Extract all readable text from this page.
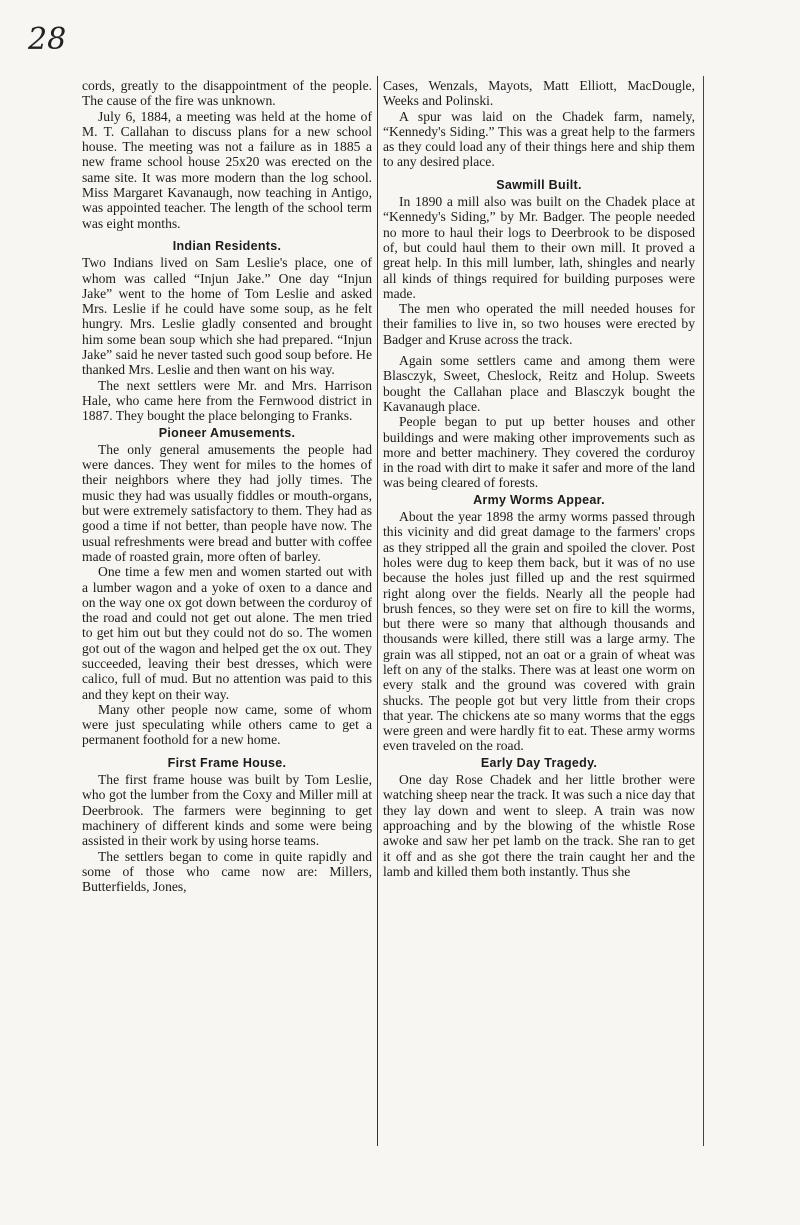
28

cords, greatly to the disappointment of the people. The cause of the fire was unknown.

July 6, 1884, a meeting was held at the home of M. T. Callahan to discuss plans for a new school house. The meeting was not a failure as in 1885 a new frame school house 25x20 was erected on the same site. It was more modern than the log school. Miss Margaret Kavanaugh, now teaching in Antigo, was appointed teacher. The length of the school term was eight months.

Indian Residents.

Two Indians lived on Sam Leslie's place, one of whom was called “Injun Jake.” One day “Injun Jake” went to the home of Tom Leslie and asked Mrs. Leslie if he could have some soup, as he felt hungry. Mrs. Leslie gladly consented and brought him some bean soup which she had prepared. “Injun Jake” said he never tasted such good soup before. He thanked Mrs. Leslie and then want on his way.

The next settlers were Mr. and Mrs. Harrison Hale, who came here from the Fernwood district in 1887. They bought the place belonging to Franks.

Pioneer Amusements.

The only general amusements the people had were dances. They went for miles to the homes of their neighbors where they had jolly times. The music they had was usually fiddles or mouth-organs, but were extremely satisfactory to them. They had as good a time if not better, than people have now. The usual refreshments were bread and butter with coffee made of roasted grain, more often of barley.

One time a few men and women started out with a lumber wagon and a yoke of oxen to a dance and on the way one ox got down between the corduroy of the road and could not get out alone. The men tried to get him out but they could not do so. The women got out of the wagon and helped get the ox out. They succeeded, leaving their best dresses, which were calico, full of mud. But no attention was paid to this and they kept on their way.

Many other people now came, some of whom were just speculating while others came to get a permanent foothold for a new home.

First Frame House.

The first frame house was built by Tom Leslie, who got the lumber from the Coxy and Miller mill at Deerbrook. The farmers were beginning to get machinery of different kinds and some were being assisted in their work by using horse teams.

The settlers began to come in quite rapidly and some of those who came now are: Millers, Butterfields, Jones,

Cases, Wenzals, Mayots, Matt Elliott, MacDougle, Weeks and Polinski.

A spur was laid on the Chadek farm, namely, “Kennedy's Siding.” This was a great help to the farmers as they could load any of their things here and ship them to any desired place.

Sawmill Built.

In 1890 a mill also was built on the Chadek place at “Kennedy's Siding,” by Mr. Badger. The people needed no more to haul their logs to Deerbrook to be disposed of, but could haul them to their own mill. It proved a great help. In this mill lumber, lath, shingles and nearly all kinds of things required for building purposes were made.

The men who operated the mill needed houses for their families to live in, so two houses were erected by Badger and Kruse across the track.

Again some settlers came and among them were Blasczyk, Sweet, Cheslock, Reitz and Holup. Sweets bought the Callahan place and Blasczyk bought the Kavanaugh place.

People began to put up better houses and other buildings and were making other improvements such as more and better machinery. They covered the corduroy in the road with dirt to make it safer and more of the land was being cleared of forests.

Army Worms Appear.

About the year 1898 the army worms passed through this vicinity and did great damage to the farmers' crops as they stripped all the grain and spoiled the clover. Post holes were dug to keep them back, but it was of no use because the holes just filled up and the rest squirmed right along over the fields. Nearly all the people had brush fences, so they were set on fire to kill the worms, but there were so many that although thousands and thousands were killed, there still was a large army. The grain was all stipped, not an oat or a grain of wheat was left on any of the stalks. There was at least one worm on every stalk and the ground was covered with grain shucks. The people got but very little from their crops that year. The chickens ate so many worms that the eggs were green and were hardly fit to eat. These army worms even traveled on the road.

Early Day Tragedy.

One day Rose Chadek and her little brother were watching sheep near the track. It was such a nice day that they lay down and went to sleep. A train was now approaching and by the blowing of the whistle Rose awoke and saw her pet lamb on the track. She ran to get it off and as she got there the train caught her and the lamb and killed them both instantly. Thus she
